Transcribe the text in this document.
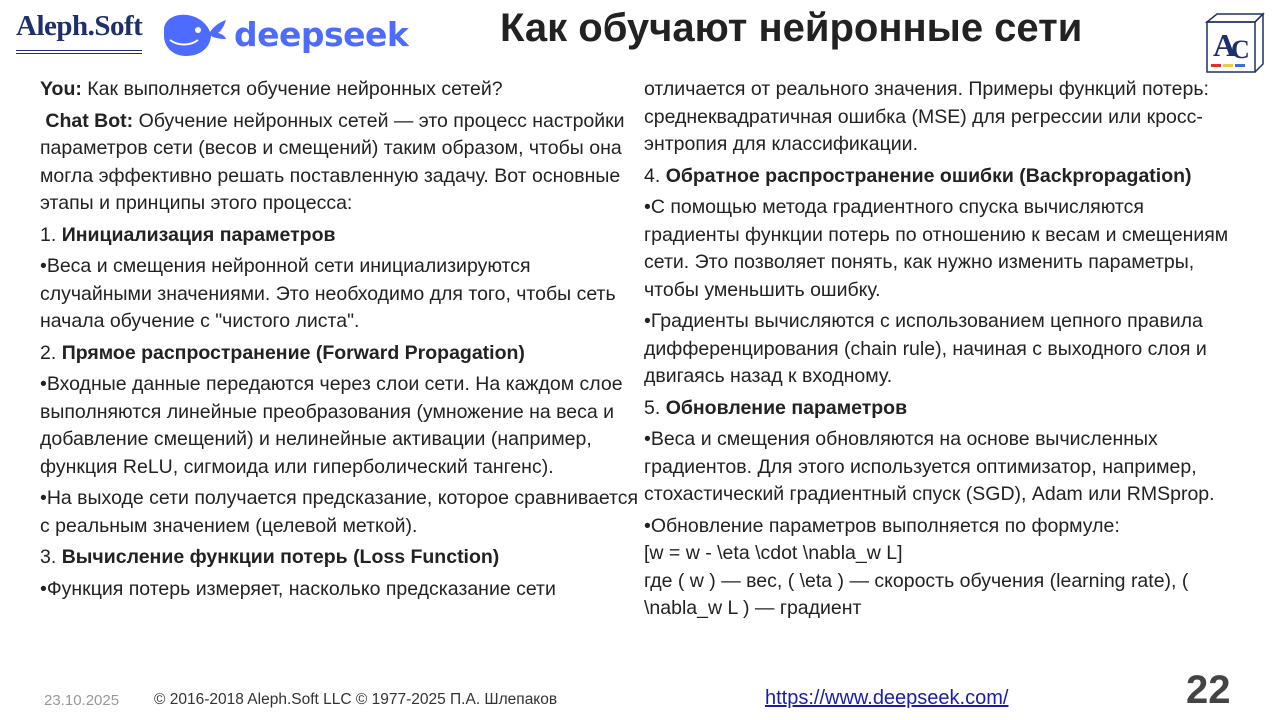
Aleph.Soft	deepseek Как обучают нейронные сети	A
C

You: Как выполняется обучение нейронных сетей?

Chat Bot: Обучение нейронных сетей — это процесс настройки параметров сети (весов и смещений) таким образом, чтобы она могла эффективно решать поставленную задачу. Вот основные этапы и принципы этого процесса:

1. Инициализация параметров

•Веса и смещения нейронной сети инициализируются случайными значениями. Это необходимо для того, чтобы сеть начала обучение с "чистого листа".

2. Прямое распространение (Forward Propagation)

•Входные данные передаются через слои сети. На каждом слое выполняются линейные преобразования (умножение на веса и добавление смещений) и нелинейные активации (например, функция ReLU, сигмоида или гиперболический тангенс).

•На выходе сети получается предсказание, которое сравнивается с реальным значением (целевой меткой).

3. Вычисление функции потерь (Loss Function)

•Функция потерь измеряет, насколько предсказание сети

отличается от реального значения. Примеры функций потерь: среднеквадратичная ошибка (MSE) для регрессии или кросс-энтропия для классификации.

4. Обратное распространение ошибки (Backpropagation)

•С помощью метода градиентного спуска вычисляются градиенты функции потерь по отношению к весам и смещениям сети. Это позволяет понять, как нужно изменить параметры, чтобы уменьшить ошибку.

•Градиенты вычисляются с использованием цепного правила дифференцирования (chain rule), начиная с выходного слоя и двигаясь назад к входному.

5. Обновление параметров

•Веса и смещения обновляются на основе вычисленных градиентов. Для этого используется оптимизатор, например, стохастический градиентный спуск (SGD), Adam или RMSprop.

•Обновление параметров выполняется по формуле:
[w = w - \eta \cdot \nabla_w L]
где ( w ) — вес, ( \eta ) — скорость обучения (learning rate), ( \nabla_w L ) — градиент

23.10.2025 © 2016-2018 Aleph.Soft LLC © 1977-2025 П.А. Шлепаков	https://www.deepseek.com/	22
